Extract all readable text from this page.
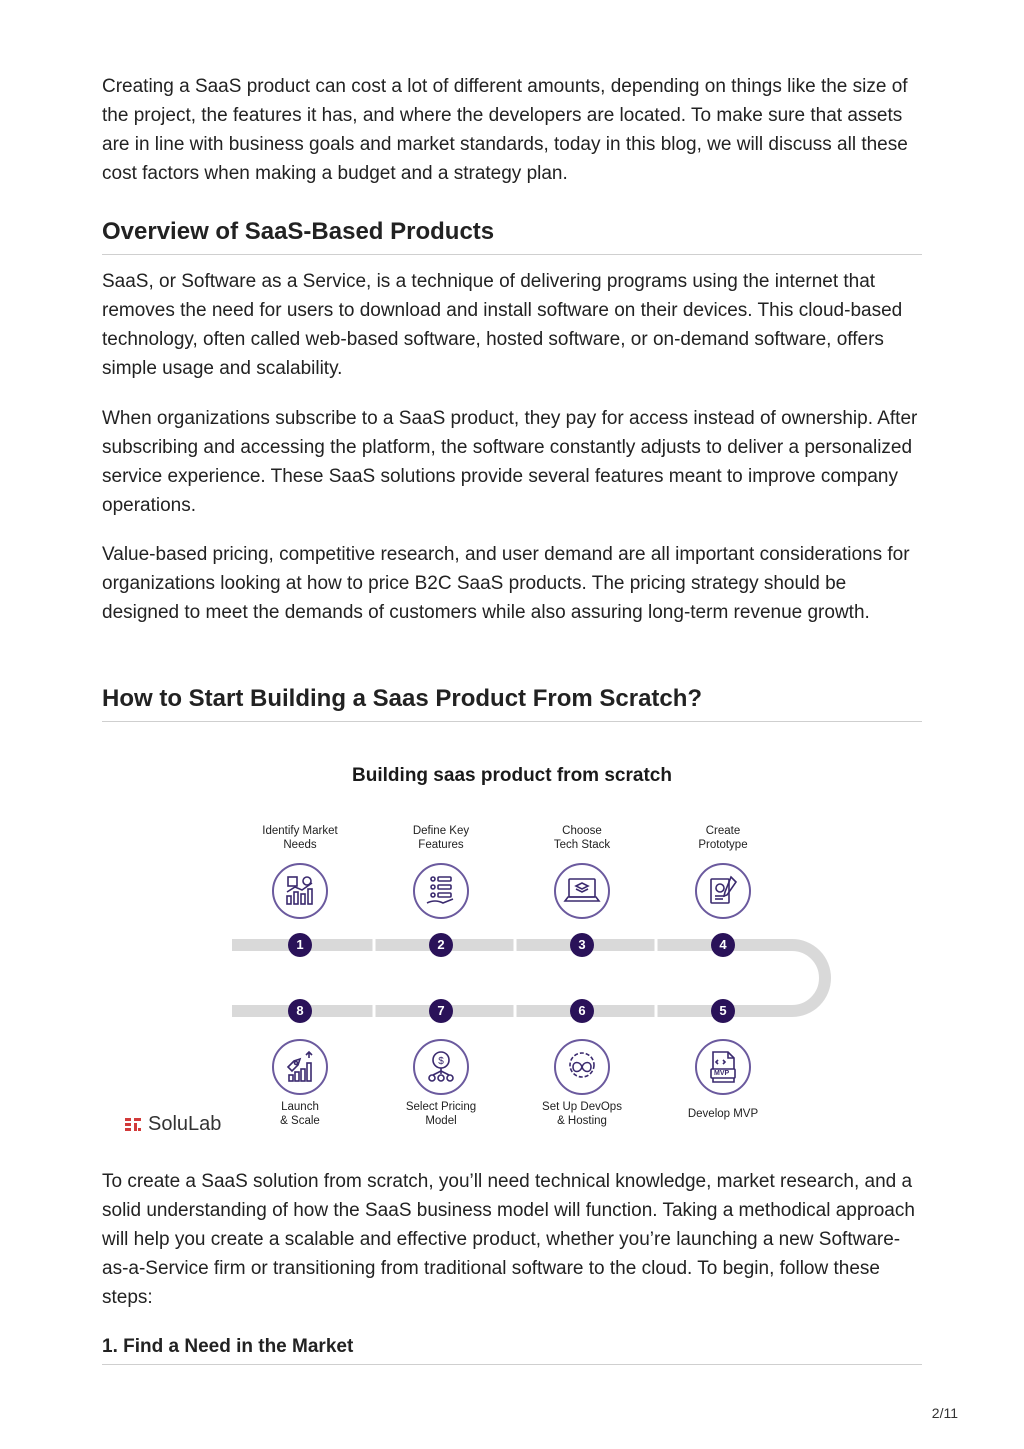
Creating a SaaS product can cost a lot of different amounts, depending on things like the size of the project, the features it has, and where the developers are located. To make sure that assets are in line with business goals and market standards, today in this blog, we will discuss all these cost factors when making a budget and a strategy plan.

Overview of SaaS-Based Products

SaaS, or Software as a Service, is a technique of delivering programs using the internet that removes the need for users to download and install software on their devices. This cloud-based technology, often called web-based software, hosted software, or on-demand software, offers simple usage and scalability.

When organizations subscribe to a SaaS product, they pay for access instead of ownership. After subscribing and accessing the platform, the software constantly adjusts to deliver a personalized service experience. These SaaS solutions provide several features meant to improve company operations.

Value-based pricing, competitive research, and user demand are all important considerations for organizations looking at how to price B2C SaaS products. The pricing strategy should be designed to meet the demands of customers while also assuring long-term revenue growth.

How to Start Building a Saas Product From Scratch?
Building saas product from scratch
Identify Market
Needs
1
Define Key
Features
2
Choose
Tech Stack
3
Create
Prototype
4
5
MVP
Develop MVP
6
Set Up DevOps
& Hosting
7
$
Select Pricing
Model
8
Launch
& Scale
SoluLab

To create a SaaS solution from scratch, you’ll need technical knowledge, market research, and a solid understanding of how the SaaS business model will function. Taking a methodical approach will help you create a scalable and effective product, whether you’re launching a new Software-as-a-Service firm or transitioning from traditional software to the cloud. To begin, follow these steps:

1. Find a Need in the Market
2/11
